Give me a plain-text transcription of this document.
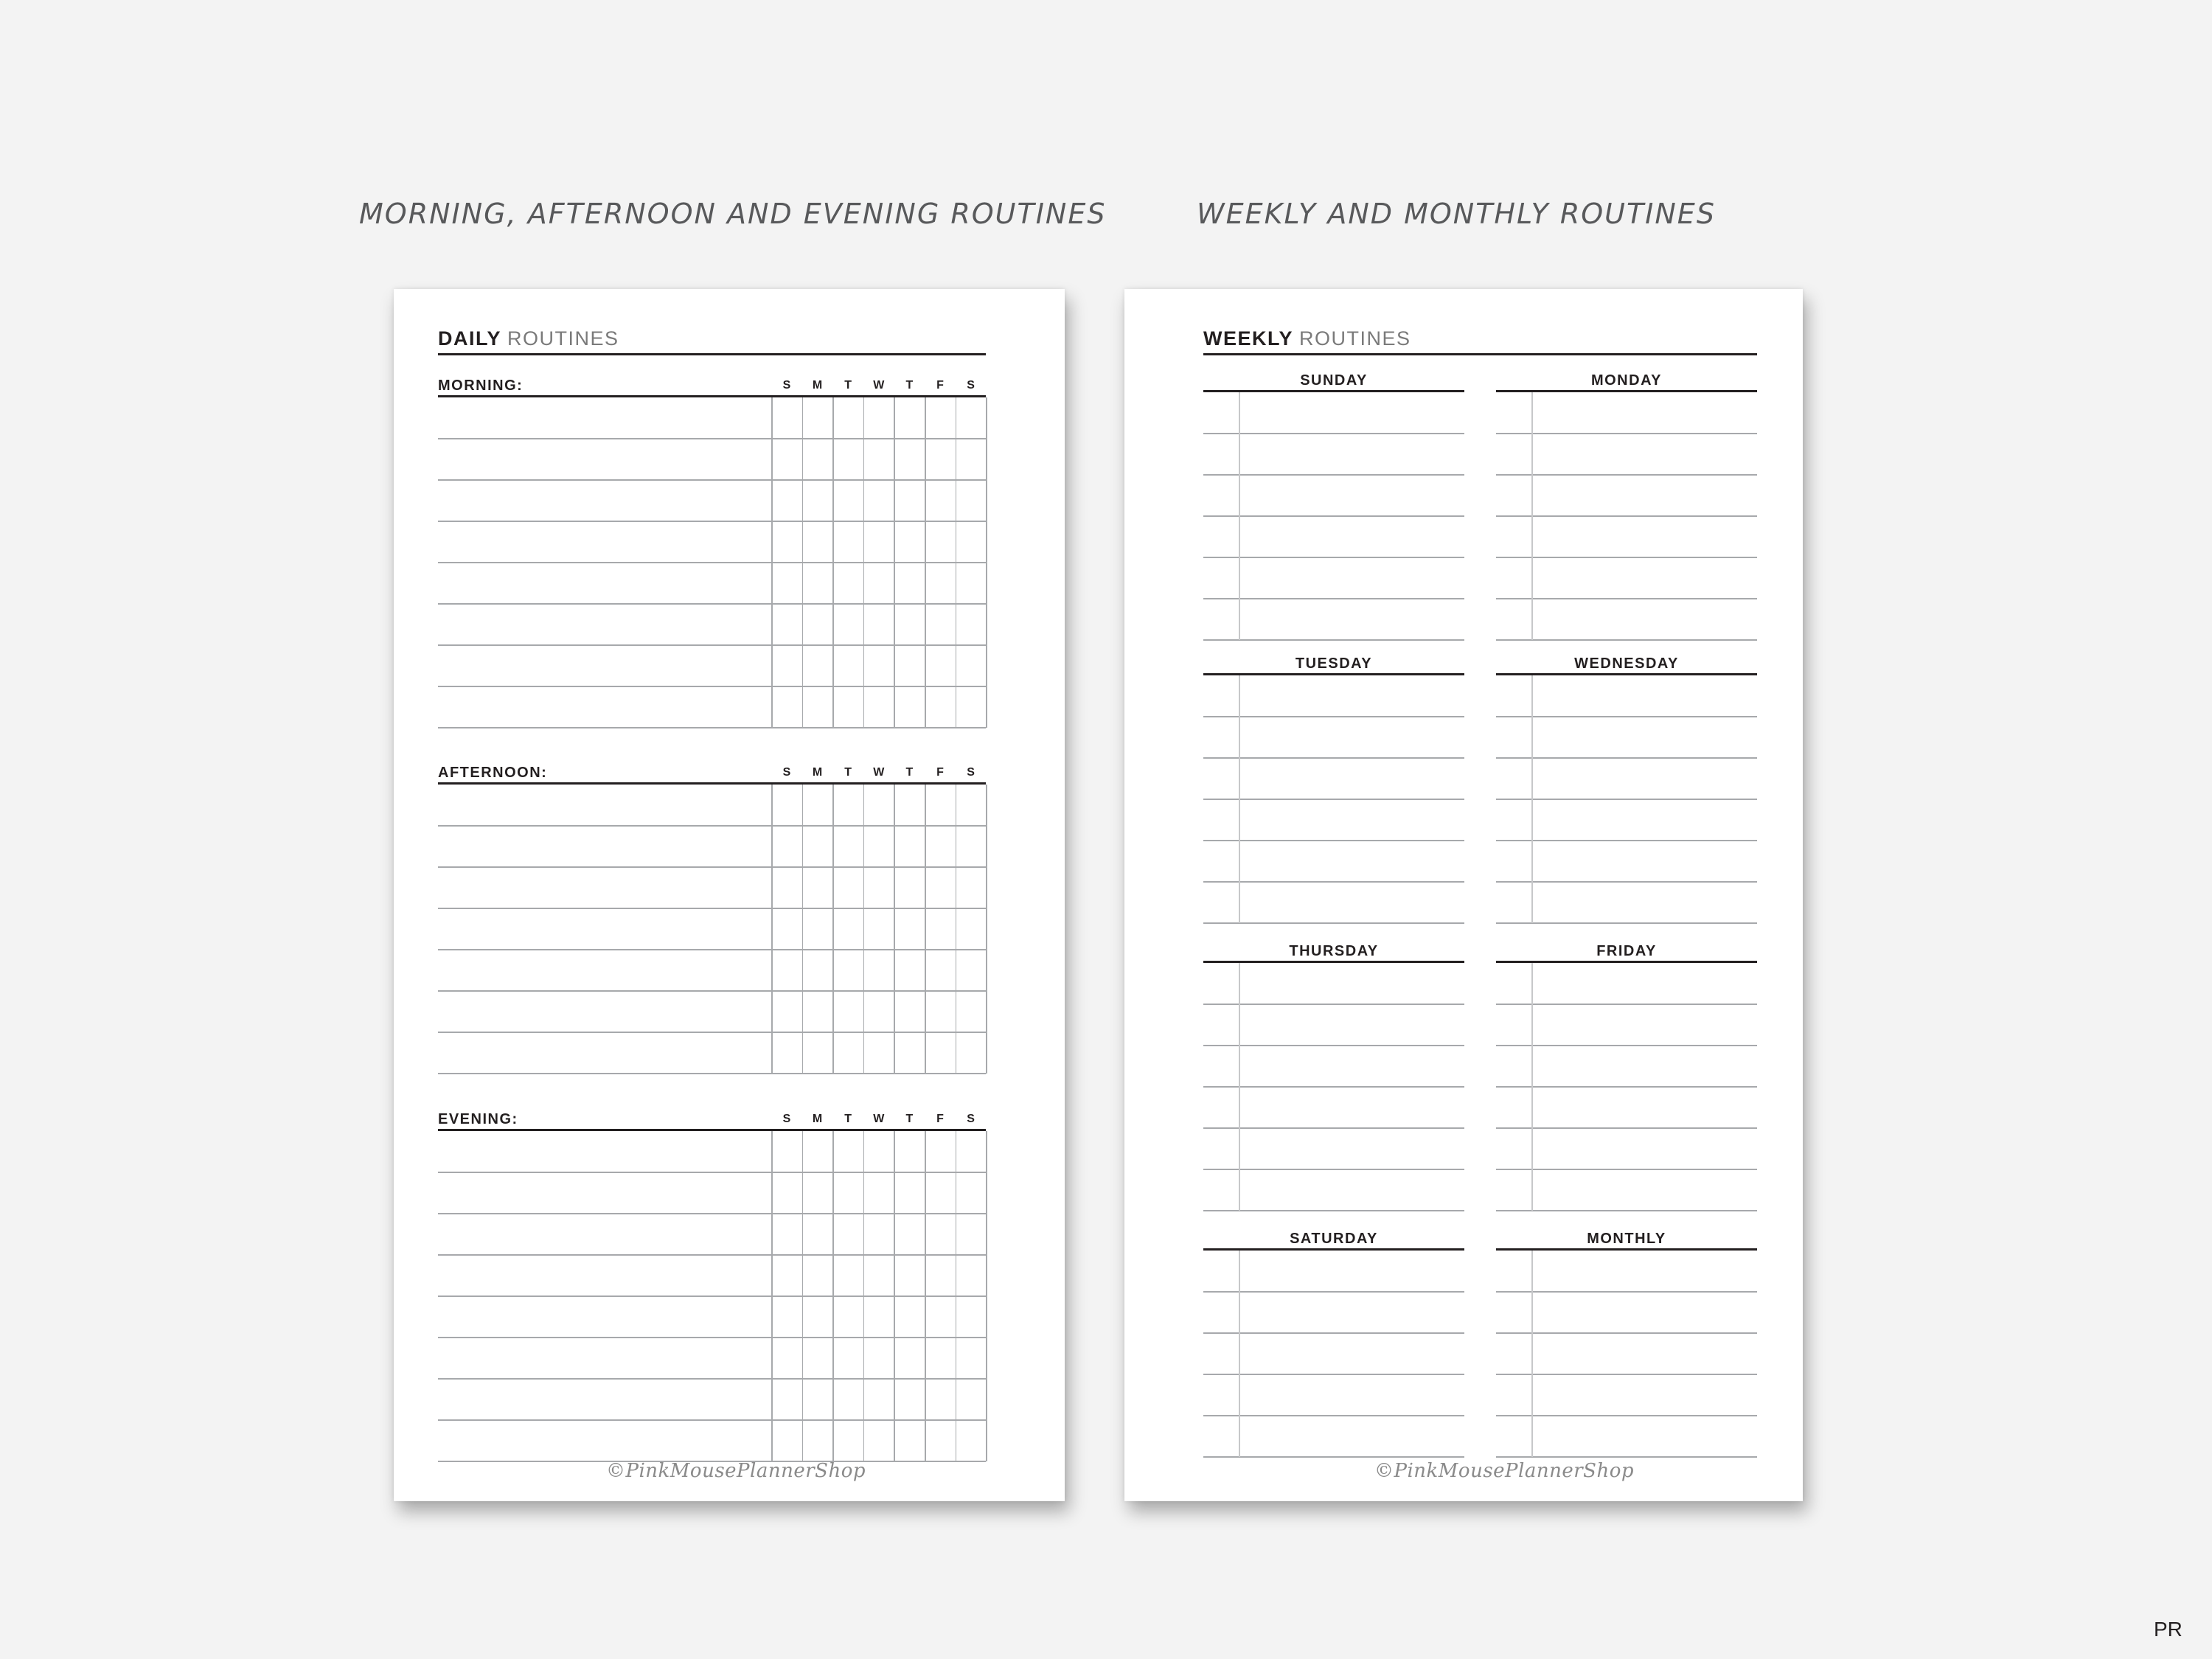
MORNING, AFTERNOON AND EVENING ROUTINES	WEEKLY AND MONTHLY ROUTINES
DAILY ROUTINES
MORNING:	S	M	T	W	T	F	S
AFTERNOON:	S	M	T	W	T	F	S
EVENING:	S	M	T	W	T	F	S
©PinkMousePlannerShop
WEEKLY ROUTINES
SUNDAY	MONDAY
TUESDAY	WEDNESDAY
THURSDAY	FRIDAY
SATURDAY	MONTHLY
©PinkMousePlannerShop
PR
